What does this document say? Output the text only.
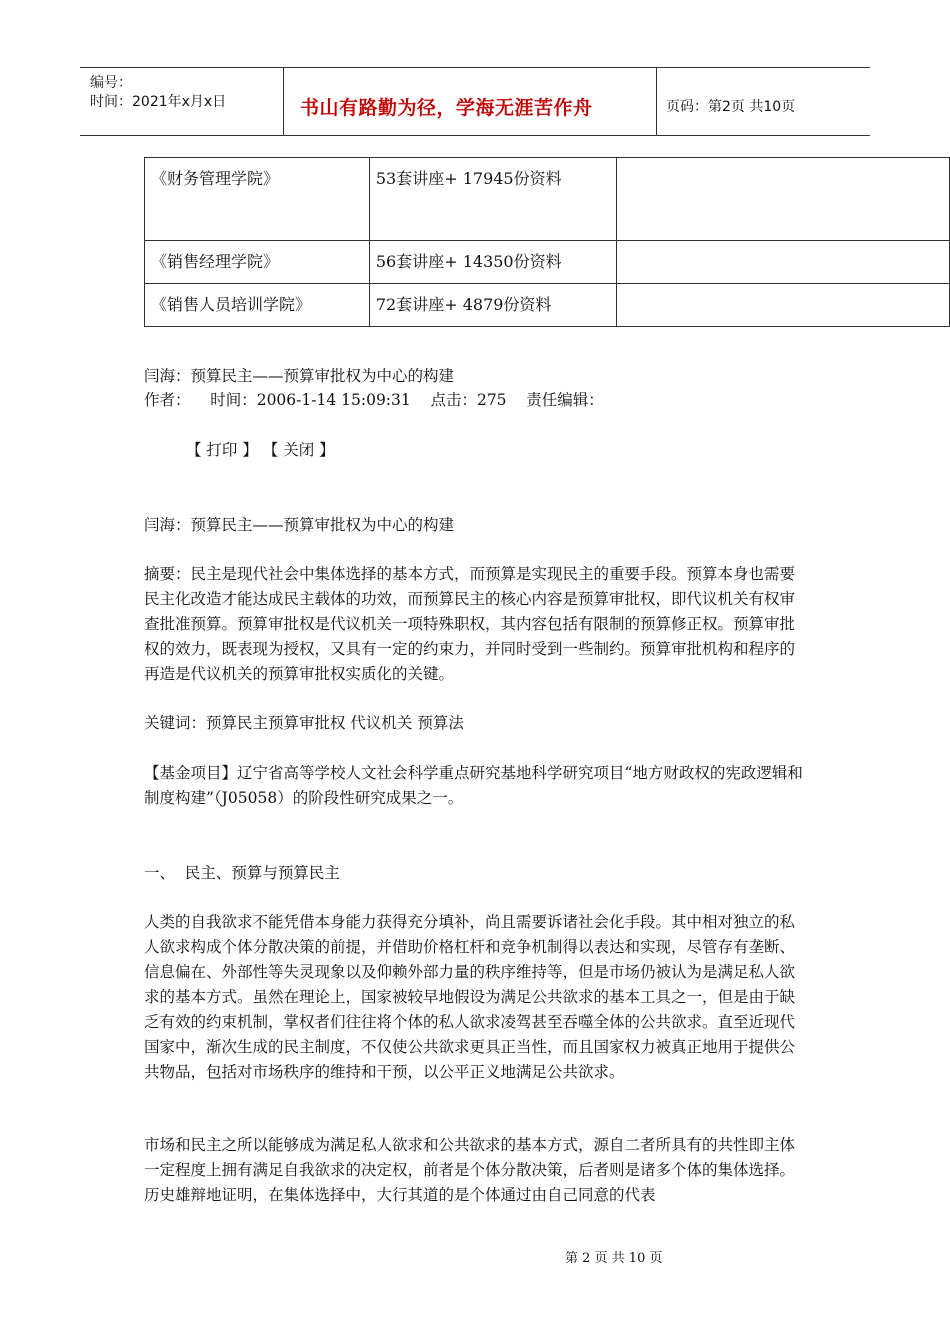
编号：
时间：2021年x月x日	书山有路勤为径，学海无涯苦作舟	页码：第2页 共10页
《财务管理学院》	53套讲座+ 17945份资料	
《销售经理学院》	56套讲座+ 14350份资料	
《销售人员培训学院》	72套讲座+ 4879份资料	
闫海：预算民主——预算审批权为中心的构建
作者：    时间：2006-1-14 15:09:31    点击：275    责任编辑：
【 打印 】 【 关闭 】
闫海：预算民主——预算审批权为中心的构建
摘要：民主是现代社会中集体选择的基本方式，而预算是实现民主的重要手段。预算本身也需要民主化改造才能达成民主载体的功效，而预算民主的核心内容是预算审批权，即代议机关有权审查批准预算。预算审批权是代议机关一项特殊职权，其内容包括有限制的预算修正权。预算审批权的效力，既表现为授权，又具有一定的约束力，并同时受到一些制约。预算审批机构和程序的再造是代议机关的预算审批权实质化的关键。
关键词：预算民主预算审批权 代议机关 预算法
【基金项目】辽宁省高等学校人文社会科学重点研究基地科学研究项目“地方财政权的宪政逻辑和制度构建”（J05058）的阶段性研究成果之一。
一、  民主、预算与预算民主
人类的自我欲求不能凭借本身能力获得充分填补，尚且需要诉诸社会化手段。其中相对独立的私人欲求构成个体分散决策的前提，并借助价格杠杆和竞争机制得以表达和实现，尽管存有垄断、信息偏在、外部性等失灵现象以及仰赖外部力量的秩序维持等，但是市场仍被认为是满足私人欲求的基本方式。虽然在理论上，国家被较早地假设为满足公共欲求的基本工具之一，但是由于缺乏有效的约束机制，掌权者们往往将个体的私人欲求凌驾甚至吞噬全体的公共欲求。直至近现代国家中，渐次生成的民主制度，不仅使公共欲求更具正当性，而且国家权力被真正地用于提供公共物品，包括对市场秩序的维持和干预，以公平正义地满足公共欲求。
市场和民主之所以能够成为满足私人欲求和公共欲求的基本方式，源自二者所具有的共性即主体一定程度上拥有满足自我欲求的决定权，前者是个体分散决策，后者则是诸多个体的集体选择。历史雄辩地证明，在集体选择中，大行其道的是个体通过由自己同意的代表
第 2 页 共 10 页
